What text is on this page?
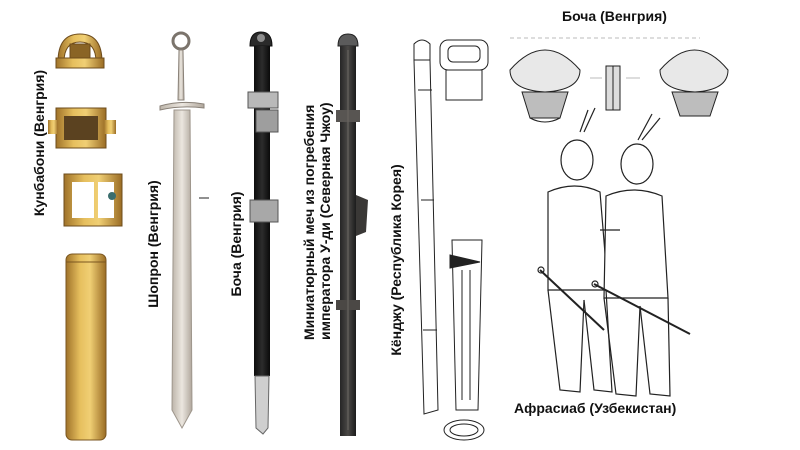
Кунбабони (Венгрия)
Шопрон (Венгрия)	Боча (Венгрия)	Миниатюрный меч из погребения императора У-ди (Северная Чжоу)	Кёнджу (Республика Корея)
Боча (Венгрия)
Афрасиаб (Узбекистан)
